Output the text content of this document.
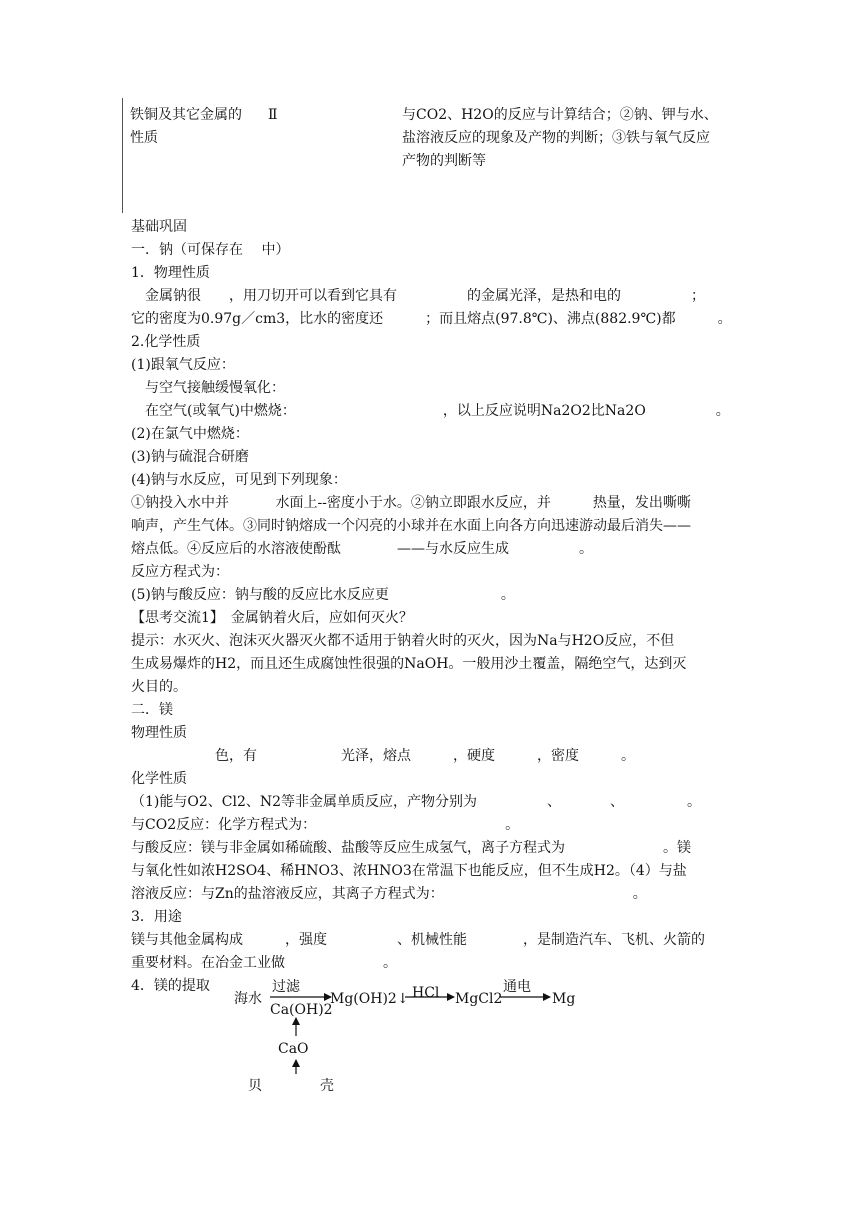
铁铜及其它金属的
性质
Ⅱ	与CO2、H2O的反应与计算结合；②钠、钾与水、
盐溶液反应的现象及产物的判断；③铁与氧气反应
产物的判断等
基础巩固
一．钠（可保存在　 中）
1．物理性质
　金属钠很　　，用刀切开可以看到它具有　　　　　的金属光泽，是热和电的　　　　　；
它的密度为0.97g／cm3，比水的密度还　　　；而且熔点(97.8℃)、沸点(882.9℃)都　　　。
2.化学性质
(1)跟氧气反应：
　与空气接触缓慢氧化：
　在空气(或氧气)中燃烧：　　　　　　　　　　　，以上反应说明Na2O2比Na2O　　　　　。
(2)在氯气中燃烧：
(3)钠与硫混合研磨
(4)钠与水反应，可见到下列现象：
①钠投入水中并　　　 水面上--密度小于水。②钠立即跟水反应，并　　　热量，发出嘶嘶
响声，产生气体。③同时钠熔成一个闪亮的小球并在水面上向各方向迅速游动最后消失——
熔点低。④反应后的水溶液使酚酞　　　　——与水反应生成　　　　　。
反应方程式为：
(5)钠与酸反应：钠与酸的反应比水反应更　　　　　　　　。
【思考交流1】　金属钠着火后，应如何灭火？
提示：水灭火、泡沫灭火器灭火都不适用于钠着火时的灭火，因为Na与H2O反应，不但
生成易爆炸的H2，而且还生成腐蚀性很强的NaOH。一般用沙土覆盖，隔绝空气，达到灭
火目的。
二．镁
物理性质
　　　　　　色，有　　　　　　光泽，熔点　　　，硬度　　　，密度　　　。
化学性质
（1)能与O2、Cl2、N2等非金属单质反应，产物分别为　　　　　、　　　　、　　　　　。
与CO2反应：化学方程式为：　　　　　　　　　　　　　　。
与酸反应：镁与非金属如稀硫酸、盐酸等反应生成氢气，离子方程式为　　　　　　　。镁
与氧化性如浓H2SO4、稀HNO3、浓HNO3在常温下也能反应，但不生成H2。（4）与盐
溶液反应：与Zn的盐溶液反应，其离子方程式为：　　　　　　　　　　　　　　。
3．用途
镁与其他金属构成　　　，强度　　　　　、机械性能　　　　，是制造汽车、飞机、火箭的
重要材料。在冶金工业做　　　　　　　。
4．镁的提取
海水
过滤
Ca(OH)2
Mg(OH)2↓ HCl MgCl2
通电
Mg
CaO
贝	壳
